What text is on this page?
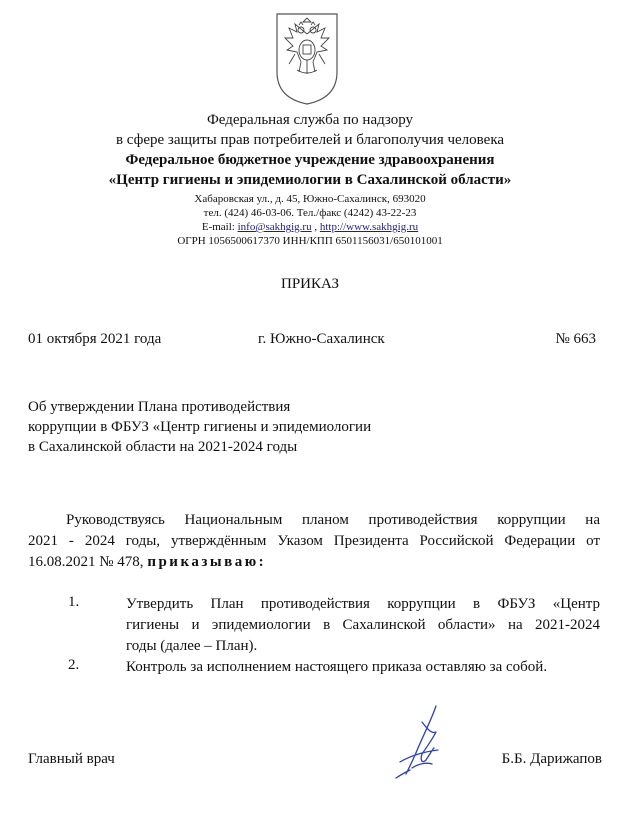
Федеральная служба по надзору
в сфере защиты прав потребителей и благополучия человека
Федеральное бюджетное учреждение здравоохранения
«Центр гигиены и эпидемиологии в Сахалинской области»
Хабаровская ул., д. 45, Южно-Сахалинск, 693020
тел. (424) 46-03-06. Тел./факс (4242) 43-22-23
E-mail: info@sakhgig.ru , http://www.sakhgig.ru
ОГРН 1056500617370 ИНН/КПП 6501156031/650101001
ПРИКАЗ
01 октября 2021 года	г. Южно-Сахалинск	№ 663
Об утверждении Плана противодействия
коррупции в ФБУЗ «Центр гигиены и эпидемиологии
в Сахалинской области на 2021-2024 годы
Руководствуясь Национальным планом противодействия коррупции на
2021 - 2024 годы, утверждённым Указом Президента Российской Федерации от
16.08.2021 № 478, приказываю:
1.	Утвердить План противодействия коррупции в ФБУЗ «Центр
гигиены и эпидемиологии в Сахалинской области» на 2021-2024
годы (далее – План).
2.	Контроль за исполнением настоящего приказа оставляю за собой.
Главный врач	Б.Б. Дарижапов
